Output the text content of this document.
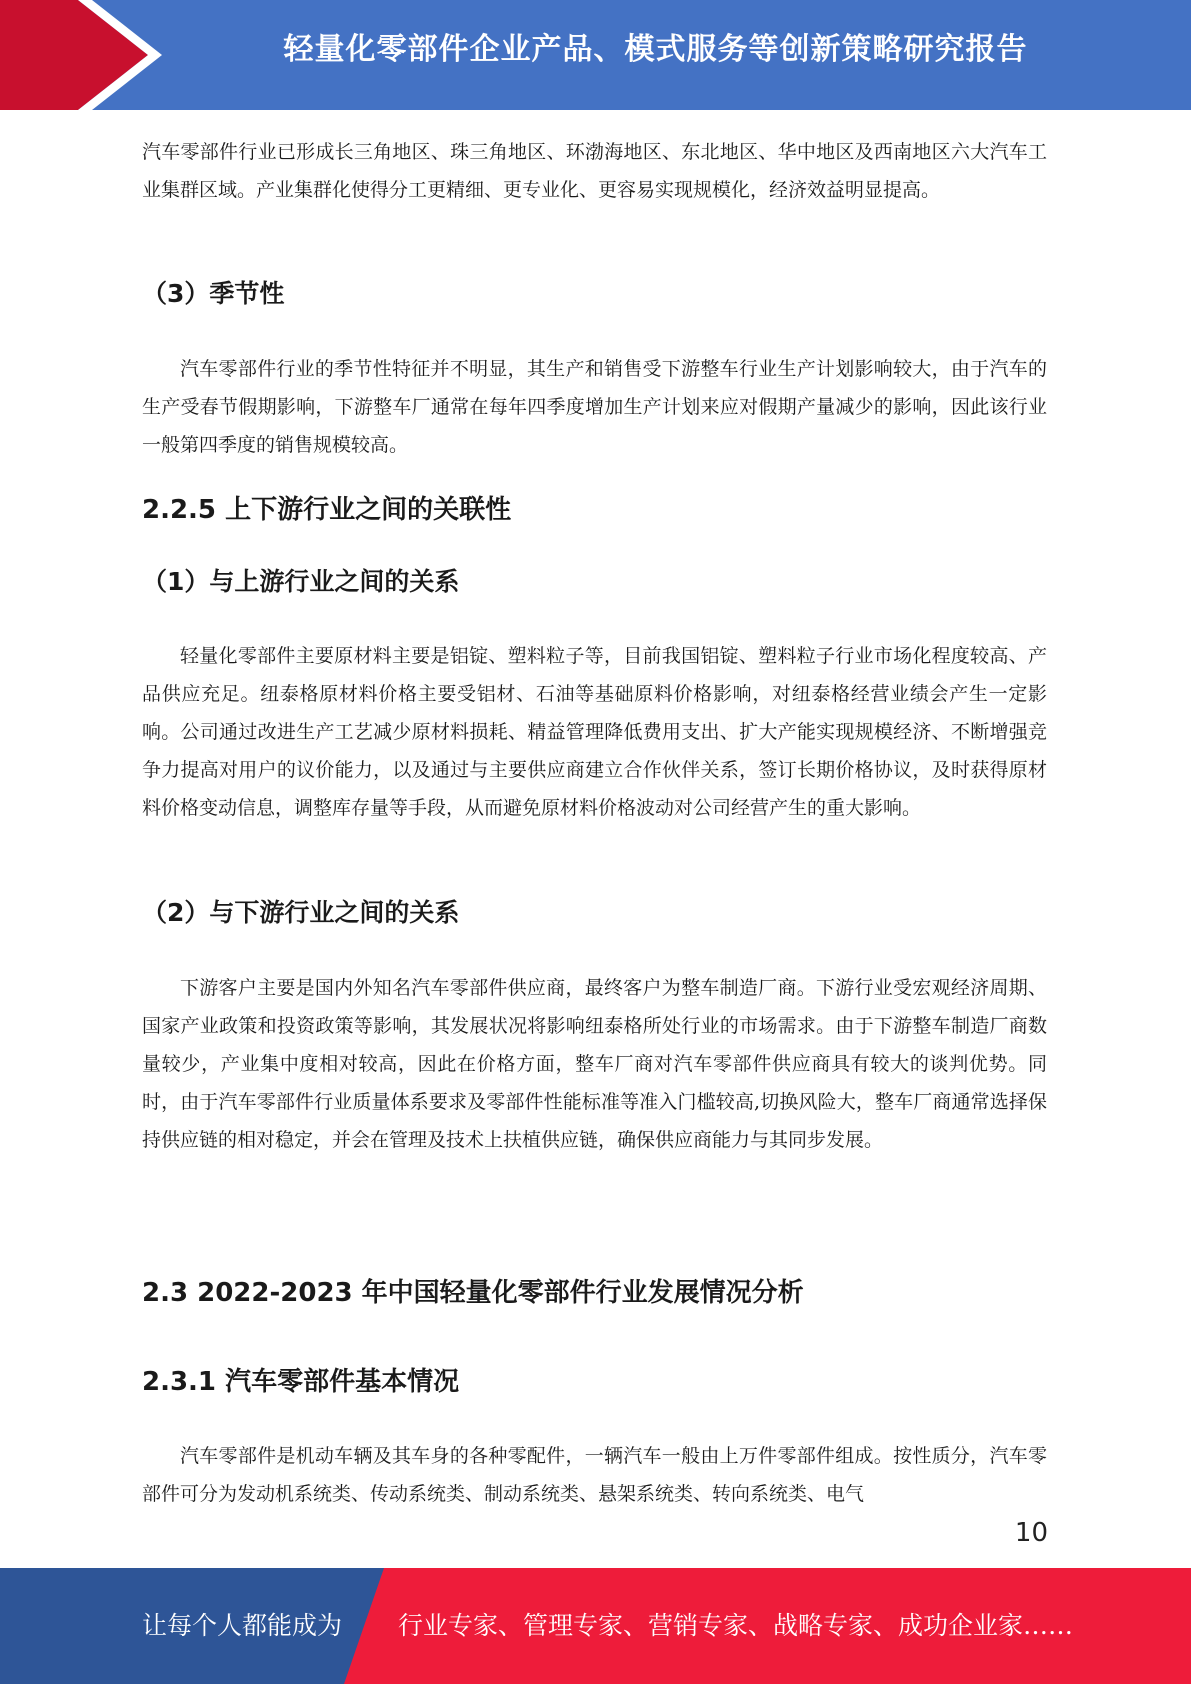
轻量化零部件企业产品、模式服务等创新策略研究报告

汽车零部件行业已形成长三角地区、珠三角地区、环渤海地区、东北地区、华中地区及西南地区六大汽车工业集群区域。产业集群化使得分工更精细、更专业化、更容易实现规模化，经济效益明显提高。

（3）季节性

汽车零部件行业的季节性特征并不明显，其生产和销售受下游整车行业生产计划影响较大，由于汽车的生产受春节假期影响，下游整车厂通常在每年四季度增加生产计划来应对假期产量减少的影响，因此该行业一般第四季度的销售规模较高。

2.2.5 上下游行业之间的关联性
（1）与上游行业之间的关系

轻量化零部件主要原材料主要是铝锭、塑料粒子等，目前我国铝锭、塑料粒子行业市场化程度较高、产品供应充足。纽泰格原材料价格主要受铝材、石油等基础原料价格影响，对纽泰格经营业绩会产生一定影响。公司通过改进生产工艺减少原材料损耗、精益管理降低费用支出、扩大产能实现规模经济、不断增强竞争力提高对用户的议价能力，以及通过与主要供应商建立合作伙伴关系，签订长期价格协议，及时获得原材料价格变动信息，调整库存量等手段，从而避免原材料价格波动对公司经营产生的重大影响。

（2）与下游行业之间的关系

下游客户主要是国内外知名汽车零部件供应商，最终客户为整车制造厂商。下游行业受宏观经济周期、国家产业政策和投资政策等影响，其发展状况将影响纽泰格所处行业的市场需求。由于下游整车制造厂商数量较少，产业集中度相对较高，因此在价格方面，整车厂商对汽车零部件供应商具有较大的谈判优势。同时，由于汽车零部件行业质量体系要求及零部件性能标准等准入门槛较高,切换风险大，整车厂商通常选择保持供应链的相对稳定，并会在管理及技术上扶植供应链，确保供应商能力与其同步发展。

2.3 2022-2023 年中国轻量化零部件行业发展情况分析
2.3.1 汽车零部件基本情况

汽车零部件是机动车辆及其车身的各种零配件，一辆汽车一般由上万件零部件组成。按性质分，汽车零部件可分为发动机系统类、传动系统类、制动系统类、悬架系统类、转向系统类、电气

10
让每个人都能成为 行业专家、管理专家、营销专家、战略专家、成功企业家……
